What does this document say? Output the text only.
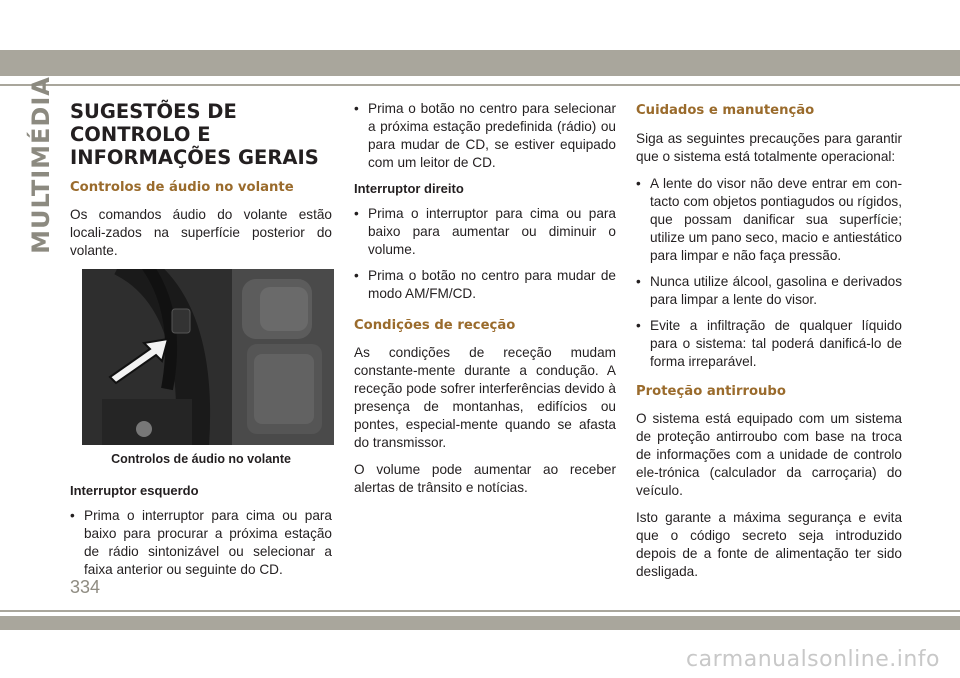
MULTIMÉDIA SUGESTÕES DE
CONTROLO E
INFORMAÇÕES GERAIS
Controlos de áudio no volante

Os comandos áudio do volante estão locali-zados na superfície posterior do volante.

Controlos de áudio no volante
Interruptor esquerdo
• Prima o interruptor para cima ou para baixo para procurar a próxima estação de rádio sintonizável ou selecionar a faixa anterior ou seguinte do CD.
• Prima o botão no centro para selecionar a próxima estação predefinida (rádio) ou para mudar de CD, se estiver equipado com um leitor de CD.
Interruptor direito
• Prima o interruptor para cima ou para baixo para aumentar ou diminuir o volume.
• Prima o botão no centro para mudar de modo AM/FM/CD.
Condições de receção

As condições de receção mudam constante-mente durante a condução. A receção pode sofrer interferências devido à presença de montanhas, edifícios ou pontes, especial-mente quando se afasta do transmissor.

O volume pode aumentar ao receber alertas de trânsito e notícias.

Cuidados e manutenção

Siga as seguintes precauções para garantir que o sistema está totalmente operacional:

• A lente do visor não deve entrar em con-tacto com objetos pontiagudos ou rígidos, que possam danificar sua superfície; utilize um pano seco, macio e antiestático para limpar e não faça pressão.
• Nunca utilize álcool, gasolina e derivados para limpar a lente do visor.
• Evite a infiltração de qualquer líquido para o sistema: tal poderá danificá-lo de forma irreparável.
Proteção antirroubo

O sistema está equipado com um sistema de proteção antirroubo com base na troca de informações com a unidade de controlo ele-trónica (calculador da carroçaria) do veículo.

Isto garante a máxima segurança e evita que o código secreto seja introduzido depois de a fonte de alimentação ter sido desligada.

334
carmanualsonline.info
